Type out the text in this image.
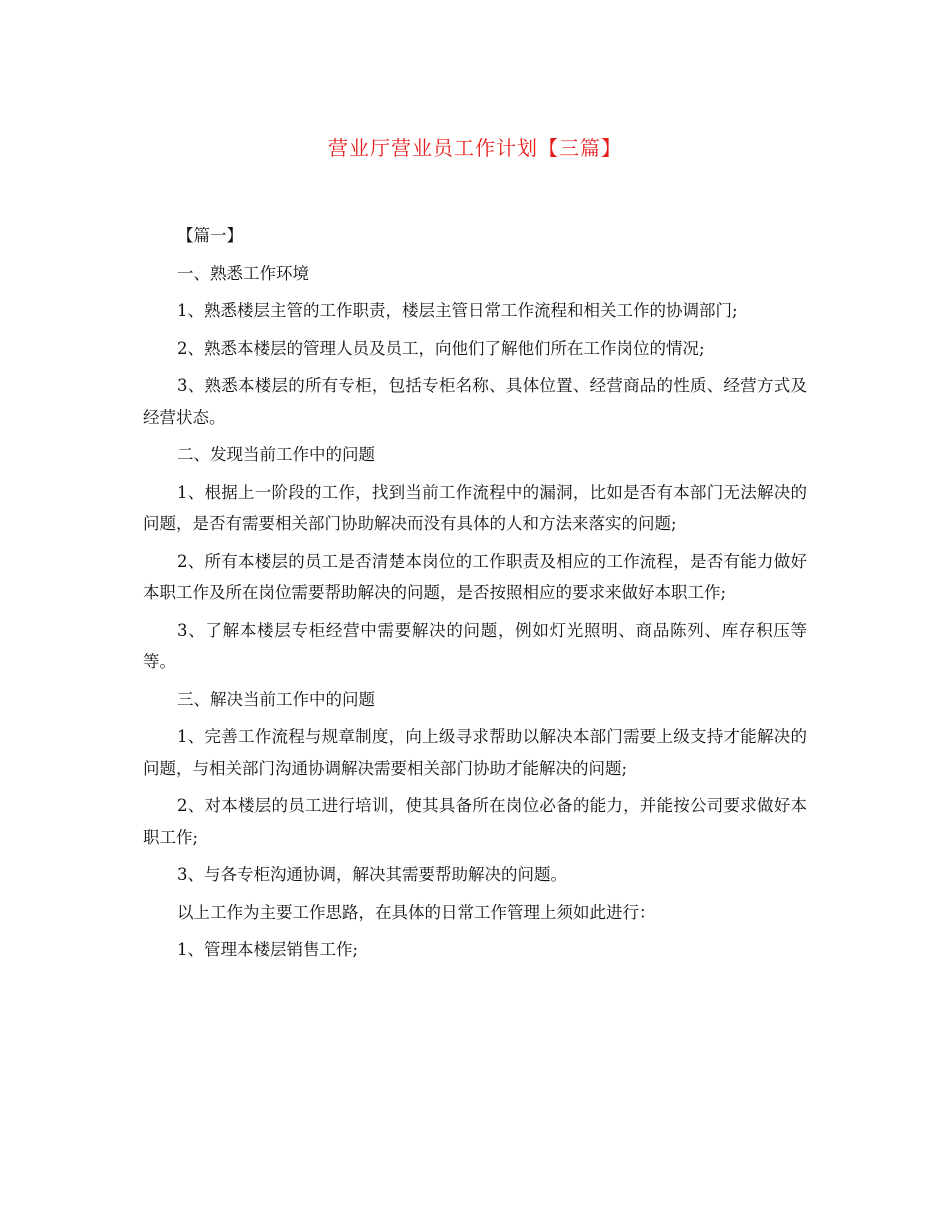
营业厅营业员工作计划【三篇】

【篇一】

一、熟悉工作环境

1、熟悉楼层主管的工作职责，楼层主管日常工作流程和相关工作的协调部门;

2、熟悉本楼层的管理人员及员工，向他们了解他们所在工作岗位的情况;

3、熟悉本楼层的所有专柜，包括专柜名称、具体位置、经营商品的性质、经营方式及经营状态。

二、发现当前工作中的问题

1、根据上一阶段的工作，找到当前工作流程中的漏洞，比如是否有本部门无法解决的问题，是否有需要相关部门协助解决而没有具体的人和方法来落实的问题;

2、所有本楼层的员工是否清楚本岗位的工作职责及相应的工作流程，是否有能力做好本职工作及所在岗位需要帮助解决的问题，是否按照相应的要求来做好本职工作;

3、了解本楼层专柜经营中需要解决的问题，例如灯光照明、商品陈列、库存积压等等。

三、解决当前工作中的问题

1、完善工作流程与规章制度，向上级寻求帮助以解决本部门需要上级支持才能解决的问题，与相关部门沟通协调解决需要相关部门协助才能解决的问题;

2、对本楼层的员工进行培训，使其具备所在岗位必备的能力，并能按公司要求做好本职工作;

3、与各专柜沟通协调，解决其需要帮助解决的问题。

以上工作为主要工作思路，在具体的日常工作管理上须如此进行：

1、管理本楼层销售工作;
